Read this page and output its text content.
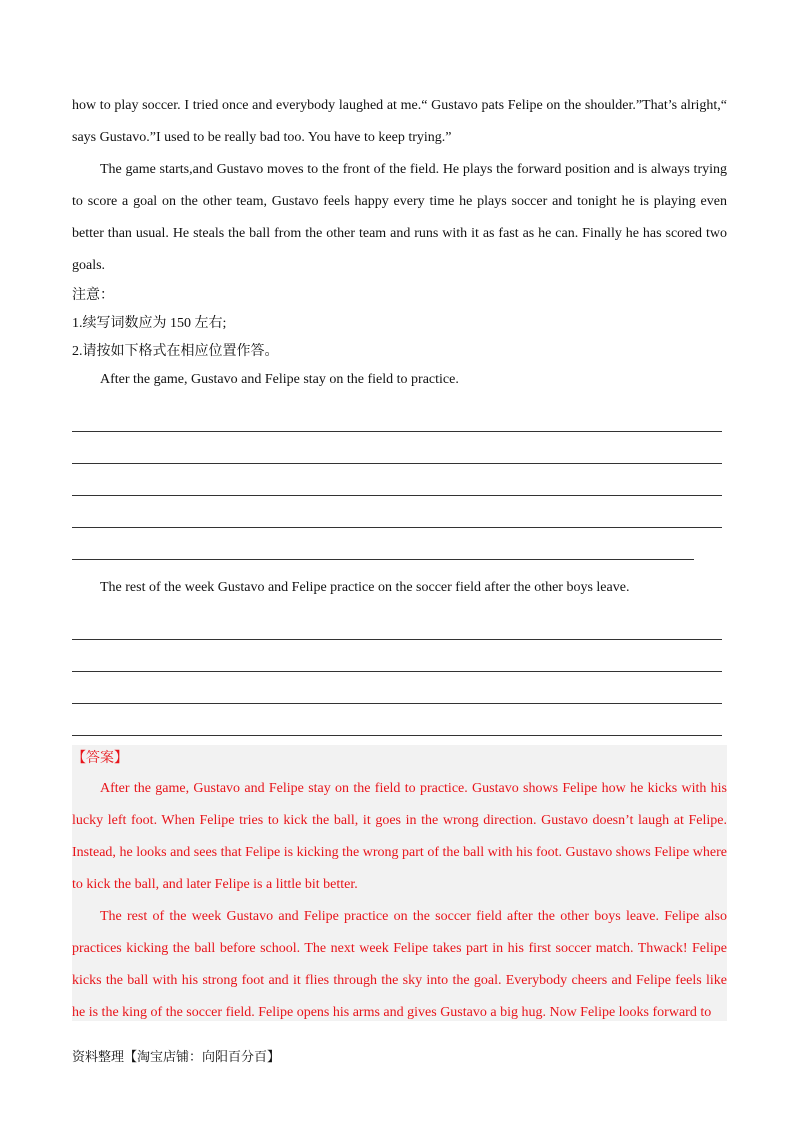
how to play soccer. I tried once and everybody laughed at me.“ Gustavo pats Felipe on the shoulder.”That’s alright,“ says Gustavo.”I used to be really bad too. You have to keep trying.”

The game starts,and Gustavo moves to the front of the field. He plays the forward position and is always trying to score a goal on the other team, Gustavo feels happy every time he plays soccer and tonight he is playing even better than usual. He steals the ball from the other team and runs with it as fast as he can. Finally he has scored two goals.

注意：

1.续写词数应为 150 左右;

2.请按如下格式在相应位置作答。

After the game, Gustavo and Felipe stay on the field to practice.

The rest of the week Gustavo and Felipe practice on the soccer field after the other boys leave.

【答案】

After the game, Gustavo and Felipe stay on the field to practice. Gustavo shows Felipe how he kicks with his lucky left foot. When Felipe tries to kick the ball, it goes in the wrong direction. Gustavo doesn’t laugh at Felipe. Instead, he looks and sees that Felipe is kicking the wrong part of the ball with his foot. Gustavo shows Felipe where to kick the ball, and later Felipe is a little bit better.

The rest of the week Gustavo and Felipe practice on the soccer field after the other boys leave. Felipe also practices kicking the ball before school. The next week Felipe takes part in his first soccer match. Thwack! Felipe kicks the ball with his strong foot and it flies through the sky into the goal. Everybody cheers and Felipe feels like he is the king of the soccer field. Felipe opens his arms and gives Gustavo a big hug. Now Felipe looks forward to

资料整理【淘宝店铺：向阳百分百】
